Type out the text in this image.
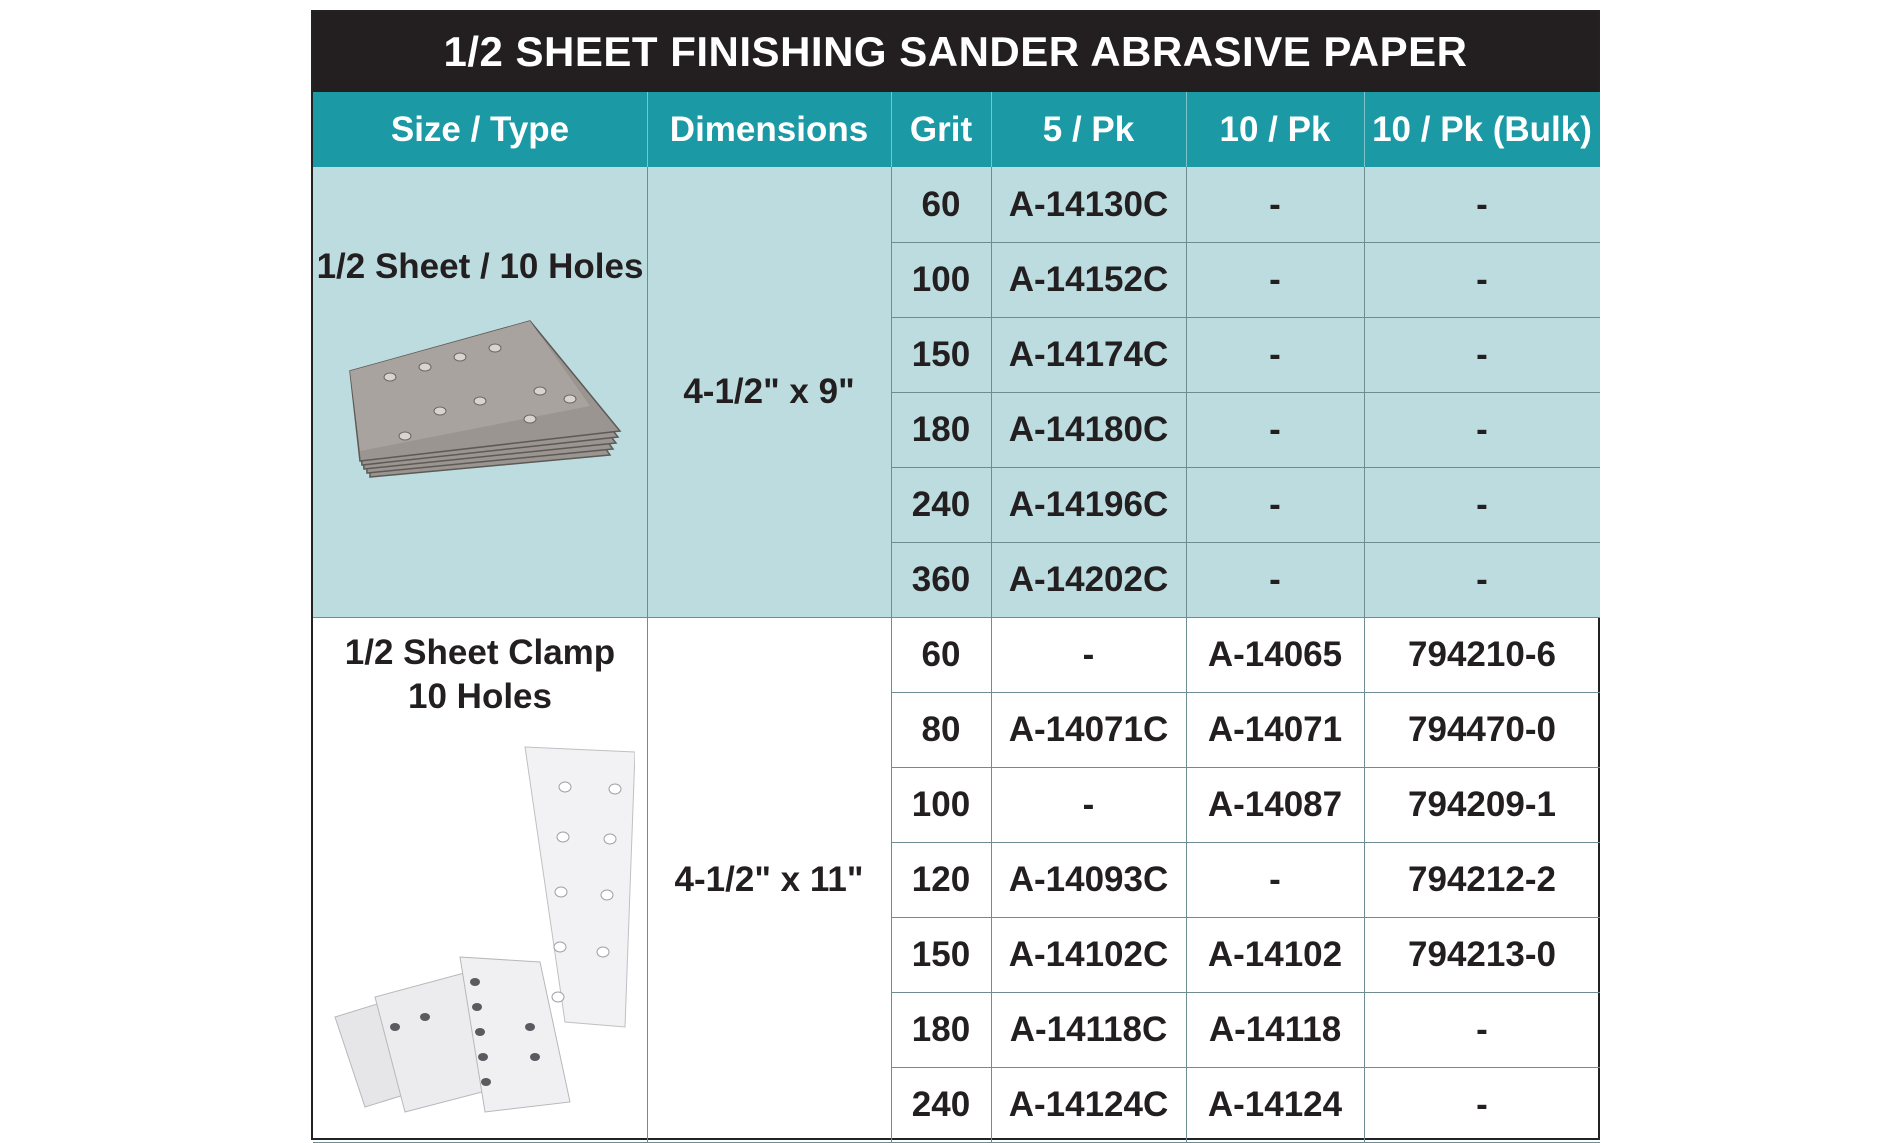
1/2 SHEET FINISHING SANDER ABRASIVE PAPER
Size / Type	Dimensions	Grit	5 / Pk	10 / Pk	10 / Pk (Bulk)
1/2 Sheet / 10 Holes
4-1/2" x 9"
60	A-14130C	-	-
100	A-14152C	-	-
150	A-14174C	-	-
180	A-14180C	-	-
240	A-14196C	-	-
360	A-14202C	-	-
1/2 Sheet Clamp
10 Holes
4-1/2" x 11"
60	-	A-14065	794210-6
80	A-14071C	A-14071	794470-0
100	-	A-14087	794209-1
120	A-14093C	-	794212-2
150	A-14102C	A-14102	794213-0
180	A-14118C	A-14118	-
240	A-14124C	A-14124	-
